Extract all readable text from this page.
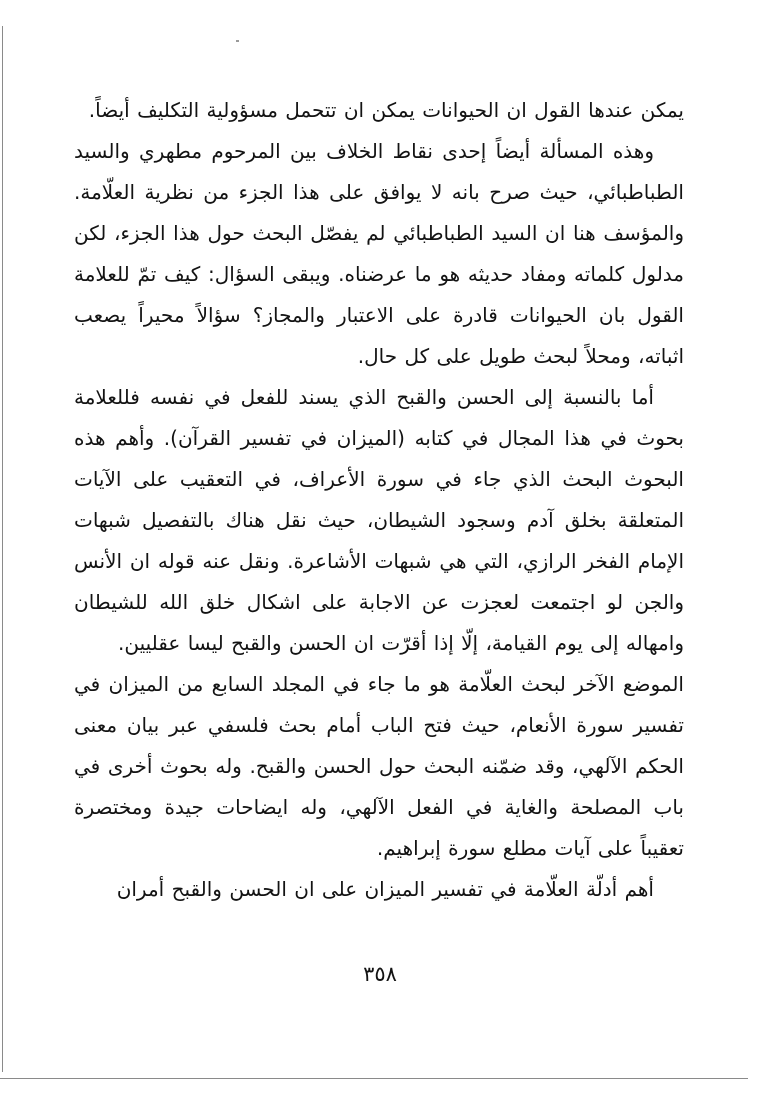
يمكن عندها القول ان الحيوانات يمكن ان تتحمل مسؤولية التكليف أيضاً.

وهذه المسألة أيضاً إحدى نقاط الخلاف بين المرحوم مطهري والسيد الطباطبائي، حيث صرح بانه لا يوافق على هذا الجزء من نظرية العلّامة. والمؤسف هنا ان السيد الطباطبائي لم يفصّل البحث حول هذا الجزء، لكن مدلول كلماته ومفاد حديثه هو ما عرضناه. ويبقى السؤال: كيف تمّ للعلامة القول بان الحيوانات قادرة على الاعتبار والمجاز؟ سؤالاً محيراً يصعب اثباته، ومحلاً لبحث طويل على كل حال.

أما بالنسبة إلى الحسن والقبح الذي يسند للفعل في نفسه فللعلامة بحوث في هذا المجال في كتابه (الميزان في تفسير القرآن). وأهم هذه البحوث البحث الذي جاء في سورة الأعراف، في التعقيب على الآيات المتعلقة بخلق آدم وسجود الشيطان، حيث نقل هناك بالتفصيل شبهات الإمام الفخر الرازي، التي هي شبهات الأشاعرة. ونقل عنه قوله ان الأنس والجن لو اجتمعت لعجزت عن الاجابة على اشكال خلق الله للشيطان وامهاله إلى يوم القيامة، إلّا إذا أقرّت ان الحسن والقبح ليسا عقليين.

الموضع الآخر لبحث العلّامة هو ما جاء في المجلد السابع من الميزان في تفسير سورة الأنعام، حيث فتح الباب أمام بحث فلسفي عبر بيان معنى الحكم الآلهي، وقد ضمّنه البحث حول الحسن والقبح. وله بحوث أخرى في باب المصلحة والغاية في الفعل الآلهي، وله ايضاحات جيدة ومختصرة تعقيباً على آيات مطلع سورة إبراهيم.

أهم أدلّة العلّامة في تفسير الميزان على ان الحسن والقبح أمران

٣٥٨
